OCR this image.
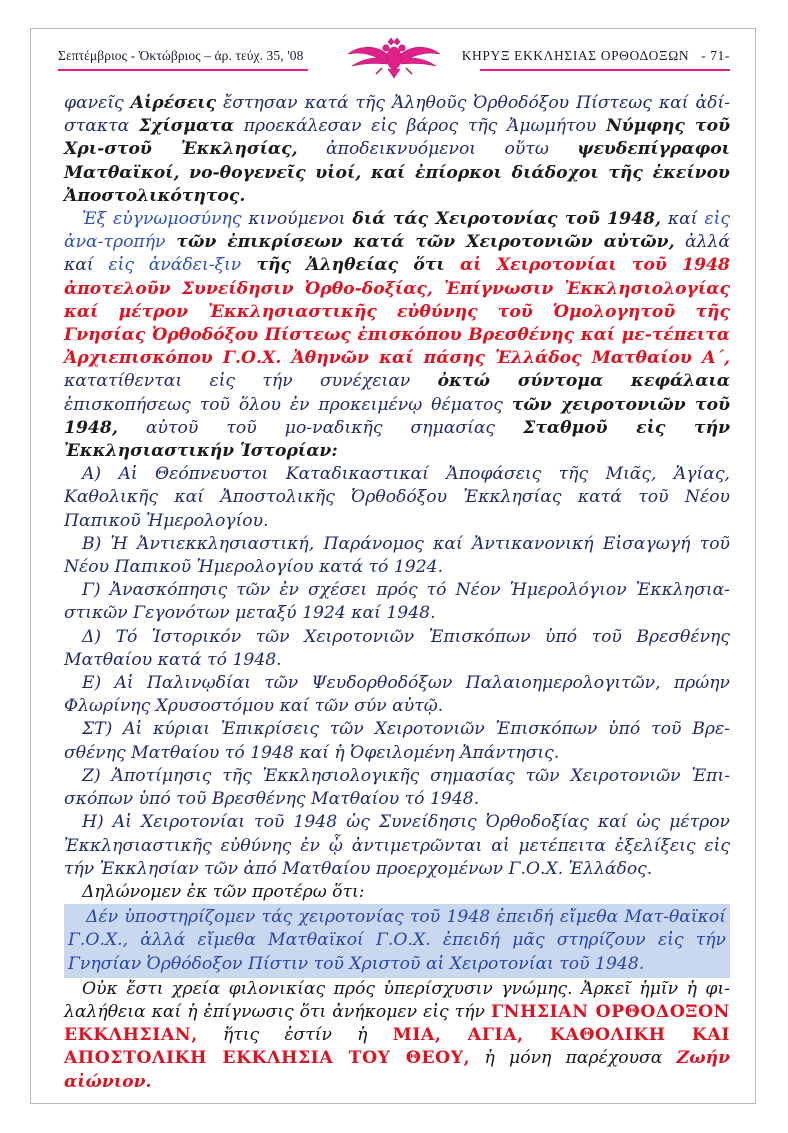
Σεπτέμβριος - Ὀκτώβριος – ἀρ. τεύχ. 35, '08	ΚΗΡΥΞ ΕΚΚΛΗΣΙΑΣ ΟΡΘΟΔΟΞΩΝ - 71-

φανεῖς Αἱρέσεις ἔστησαν κατά τῆς Ἀληθοῦς Ὀρθοδόξου Πίστεως καί ἀδί-στακτα Σχίσματα προεκάλεσαν εἰς βάρος τῆς Ἀμωμήτου Νύμφης τοῦ Χρι-στοῦ Ἐκκλησίας, ἀποδεικνυόμενοι οὕτω ψευδεπίγραφοι Ματθαϊκοί, νο-θογενεῖς υἱοί, καί ἐπίορκοι διάδοχοι τῆς ἐκείνου Ἀποστολικότητος.

Ἐξ εὐγνωμοσύνης κινούμενοι διά τάς Χειροτονίας τοῦ 1948, καί εἰς ἀνα-τροπήν τῶν ἐπικρίσεων κατά τῶν Χειροτονιῶν αὐτῶν, ἀλλά καί εἰς ἀνάδει-ξιν τῆς Ἀληθείας ὅτι αἱ Χειροτονίαι τοῦ 1948 ἀποτελοῦν Συνείδησιν Ὀρθο-δοξίας, Ἐπίγνωσιν Ἐκκλησιολογίας καί μέτρον Ἐκκλησιαστικῆς εὐθύνης τοῦ Ὁμολογητοῦ τῆς Γνησίας Ὀρθοδόξου Πίστεως ἐπισκόπου Βρεσθένης καί με-τέπειτα Ἀρχιεπισκόπου Γ.Ο.Χ. Ἀθηνῶν καί πάσης Ἑλλάδος Ματθαίου Α΄, κατατίθενται εἰς τήν συνέχειαν ὀκτώ σύντομα κεφάλαια ἐπισκοπήσεως τοῦ ὅλου ἐν προκειμένῳ θέματος τῶν χειροτονιῶν τοῦ 1948, αὐτοῦ τοῦ μο-ναδικῆς σημασίας Σταθμοῦ εἰς τήν Ἐκκλησιαστικήν Ἱστορίαν:

Α) Αἱ Θεόπνευστοι Καταδικαστικαί Ἀποφάσεις τῆς Μιᾶς, Ἁγίας, Καθολικῆς καί Ἀποστολικῆς Ὀρθοδόξου Ἐκκλησίας κατά τοῦ Νέου Παπικοῦ Ἡμερολογίου.

Β) Ἡ Ἀντιεκκλησιαστική, Παράνομος καί Ἀντικανονική Εἰσαγωγή τοῦ Νέου Παπικοῦ Ἡμερολογίου κατά τό 1924.

Γ) Ἀνασκόπησις τῶν ἐν σχέσει πρός τό Νέον Ἡμερολόγιον Ἐκκλησια-στικῶν Γεγονότων μεταξύ 1924 καί 1948.

Δ) Τό Ἱστορικόν τῶν Χειροτονιῶν Ἐπισκόπων ὑπό τοῦ Βρεσθένης Ματθαίου κατά τό 1948.

Ε) Αἱ Παλινῳδίαι τῶν Ψευδορθοδόξων Παλαιοημερολογιτῶν, πρώην Φλωρίνης Χρυσοστόμου καί τῶν σύν αὐτῷ.

ΣΤ) Αἱ κύριαι Ἐπικρίσεις τῶν Χειροτονιῶν Ἐπισκόπων ὑπό τοῦ Βρε-σθένης Ματθαίου τό 1948 καί ἡ Ὀφειλομένη Ἀπάντησις.

Ζ) Ἀποτίμησις τῆς Ἐκκλησιολογικῆς σημασίας τῶν Χειροτονιῶν Ἐπι-σκόπων ὑπό τοῦ Βρεσθένης Ματθαίου τό 1948.

Η) Αἱ Χειροτονίαι τοῦ 1948 ὡς Συνείδησις Ὀρθοδοξίας καί ὡς μέτρον Ἐκκλησιαστικῆς εὐθύνης ἐν ᾧ ἀντιμετρῶνται αἱ μετέπειτα ἐξελίξεις εἰς τήν Ἐκκλησίαν τῶν ἀπό Ματθαίου προερχομένων Γ.Ο.Χ. Ἑλλάδος.

Δηλώνομεν ἐκ τῶν προτέρω ὅτι:

Δέν ὑποστηρίζομεν τάς χειροτονίας τοῦ 1948 ἐπειδή εἴμεθα Ματ-θαϊκοί Γ.Ο.Χ., ἀλλά εἴμεθα Ματθαϊκοί Γ.Ο.Χ. ἐπειδή μᾶς στηρίζουν εἰς τήν Γνησίαν Ὀρθόδοξον Πίστιν τοῦ Χριστοῦ αἱ Χειροτονίαι τοῦ 1948.

Οὐκ ἔστι χρεία φιλονικίας πρός ὑπερίσχυσιν γνώμης. Ἀρκεῖ ἡμῖν ἡ φι-λαλήθεια καί ἡ ἐπίγνωσις ὅτι ἀνήκομεν εἰς τήν ΓΝΗΣΙΑΝ ΟΡΘΟΔΟΞΟΝ ΕΚΚΛΗΣΙΑΝ, ἥτις ἐστίν ἡ ΜΙΑ, ΑΓΙΑ, ΚΑΘΟΛΙΚΗ ΚΑΙ ΑΠΟΣΤΟΛΙΚΗ ΕΚΚΛΗΣΙΑ ΤΟΥ ΘΕΟΥ, ἡ μόνη παρέχουσα Ζωήν αἰώνιον.
